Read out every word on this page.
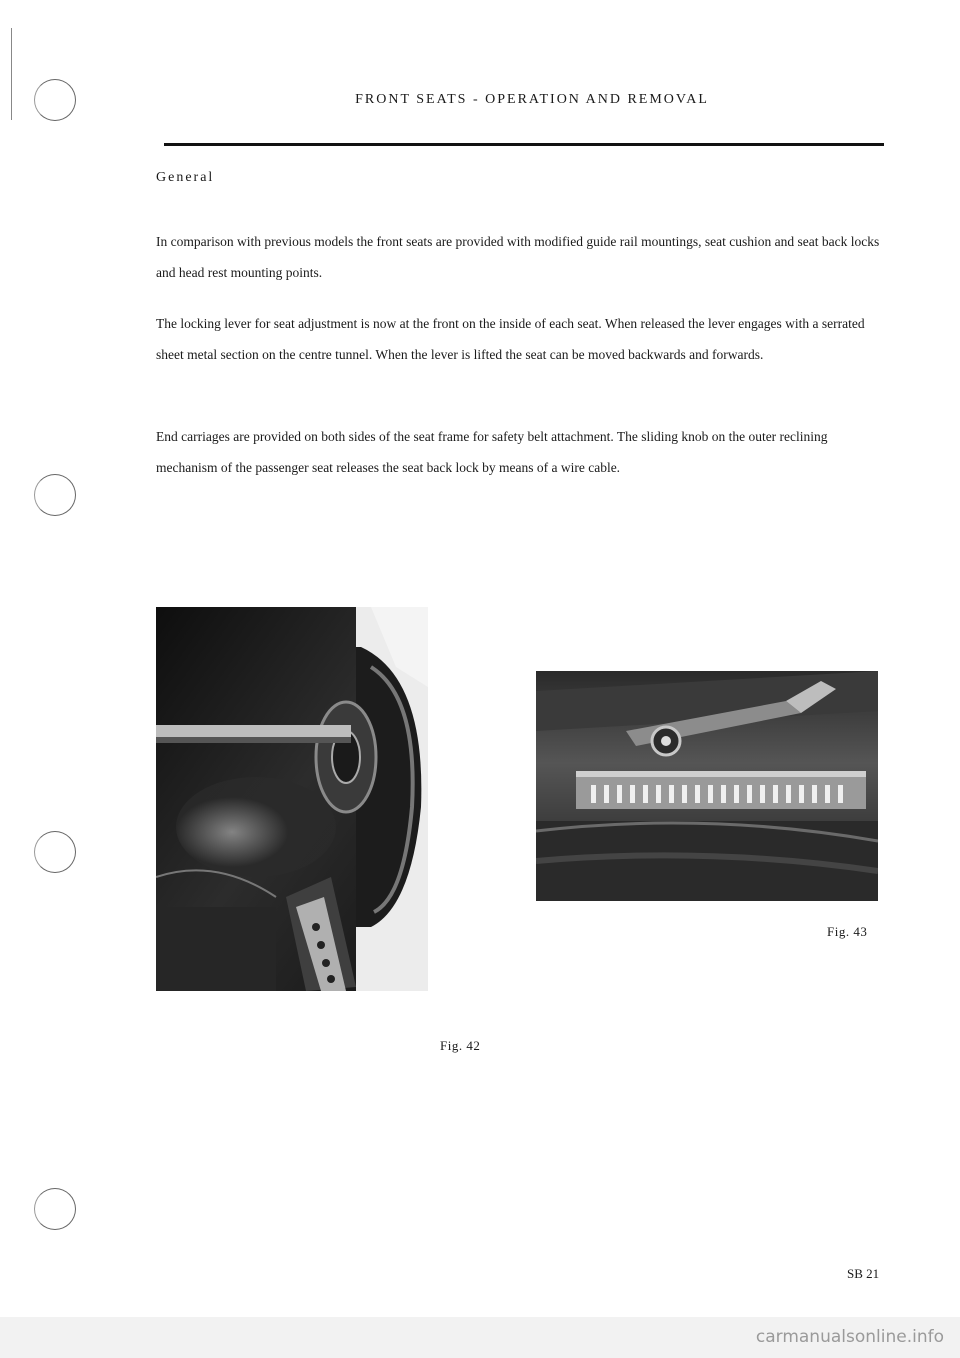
FRONT SEATS - OPERATION AND REMOVAL
General

In comparison with previous models the front seats are provided with modified guide rail mountings, seat cushion and seat back locks and head rest mounting points.

The locking lever for seat adjustment is now at the front on the inside of each seat. When released the lever engages with a serrated sheet metal section on the centre tunnel. When the lever is lifted the seat can be moved backwards and forwards.

End carriages are provided on both sides of the seat frame for safety belt attachment. The sliding knob on the outer reclining mechanism of the passenger seat releases the seat back lock by means of a wire cable.

Fig. 43
Fig. 42
SB 21
carmanualsonline.info
